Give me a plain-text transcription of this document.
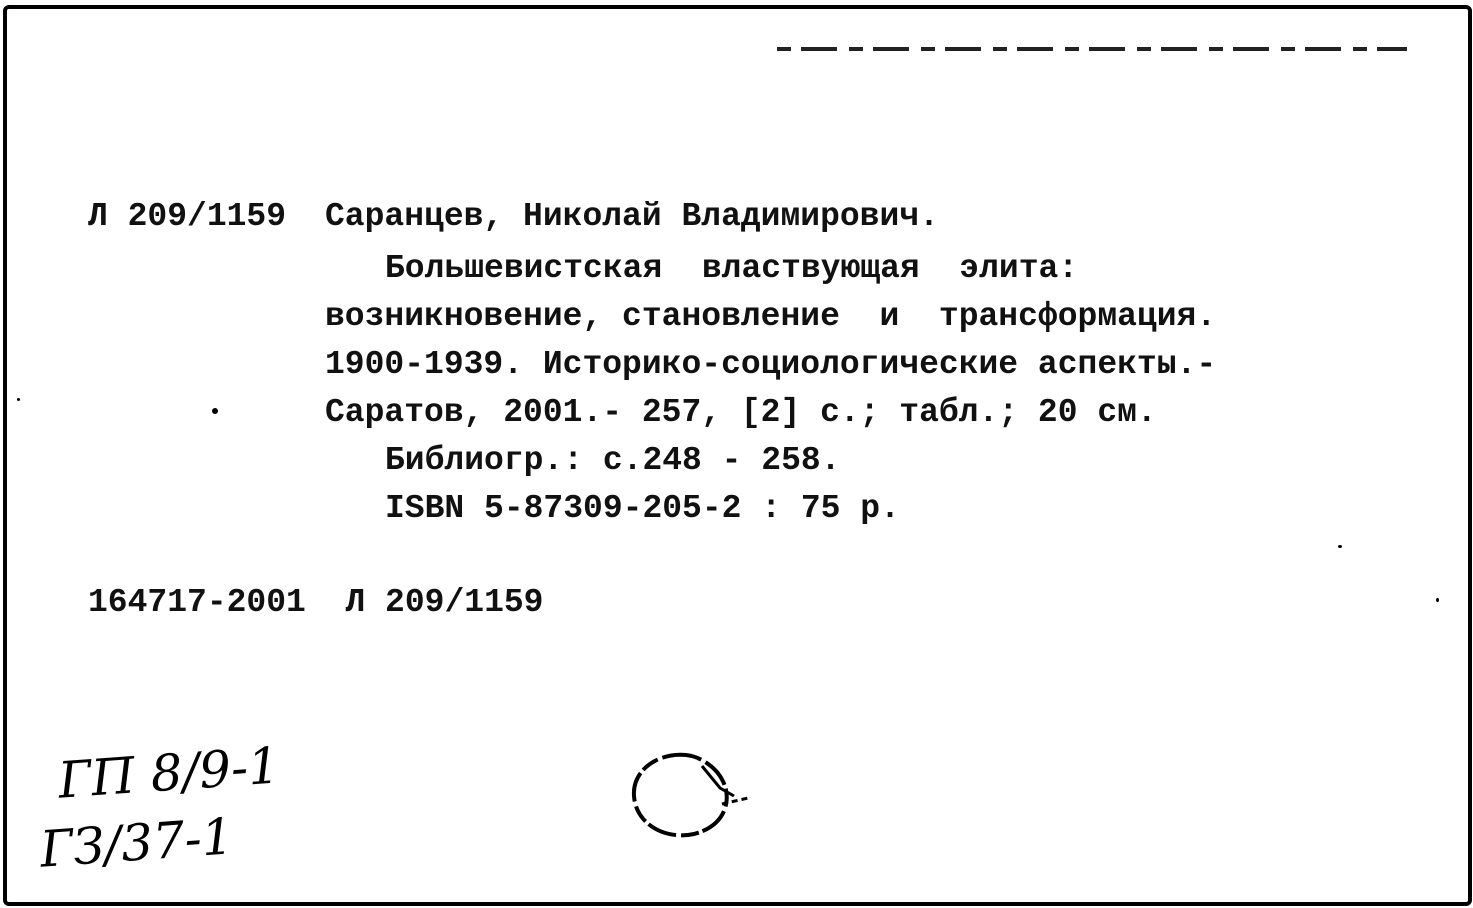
Л 209/1159 Саранцев, Николай Владимирович.
Большевистская  властвующая  элита:
возникновение, становление  и  трансформация.
1900-1939. Историко-социологические аспекты.-
Саратов, 2001.- 257, [2] с.; табл.; 20 см.
Библиогр.: с.248 - 258.
ISBN 5-87309-205-2 : 75 р.
164717-2001  Л 209/1159
ГП 8/9-1
ГЗ/37-1
